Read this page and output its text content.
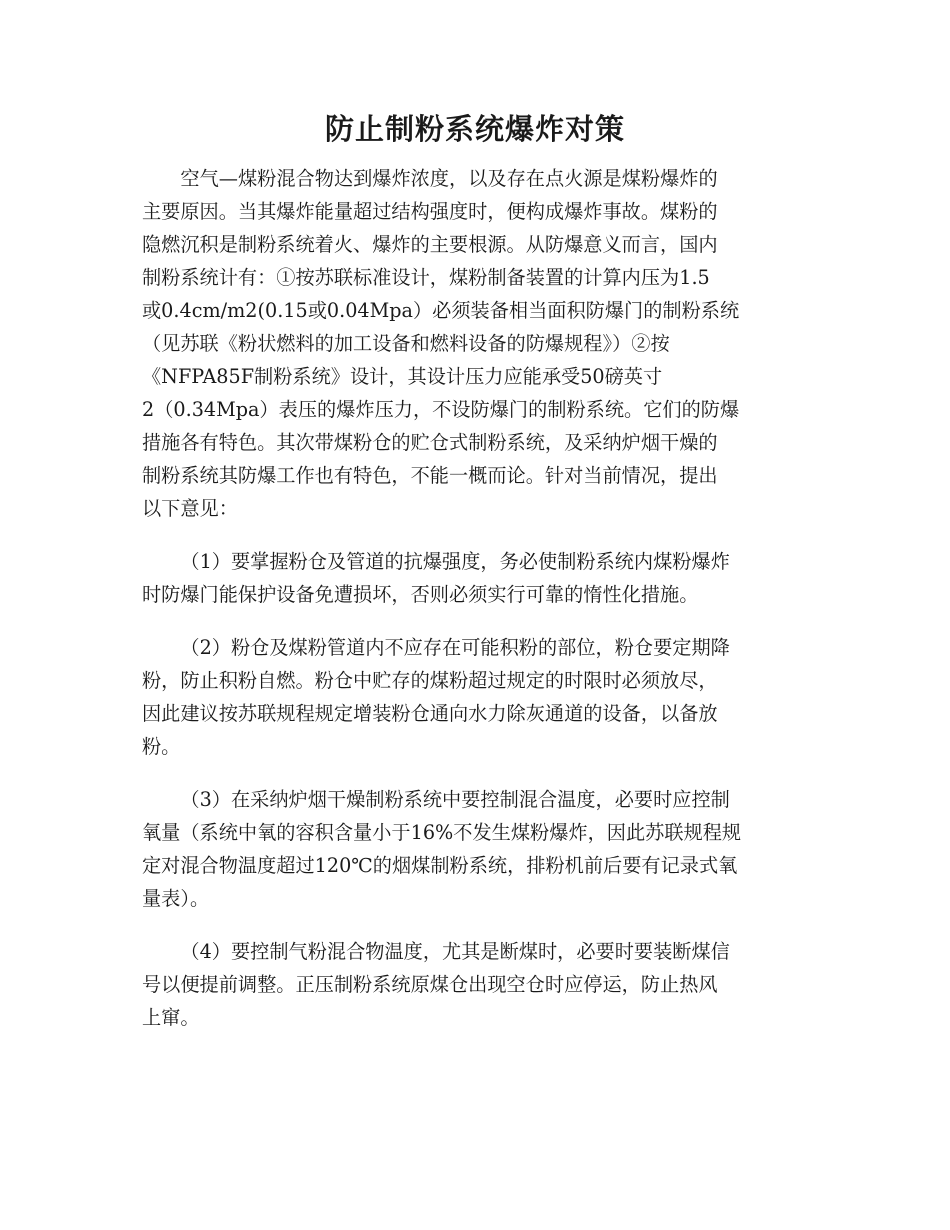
防止制粉系统爆炸对策
空气—煤粉混合物达到爆炸浓度，以及存在点火源是煤粉爆炸的
主要原因。当其爆炸能量超过结构强度时，便构成爆炸事故。煤粉的
隐燃沉积是制粉系统着火、爆炸的主要根源。从防爆意义而言，国内
制粉系统计有：①按苏联标准设计，煤粉制备装置的计算内压为1.5
或0.4cm/m2(0.15或0.04Mpa）必须装备相当面积防爆门的制粉系统
（见苏联《粉状燃料的加工设备和燃料设备的防爆规程》）②按
《NFPA85F制粉系统》设计，其设计压力应能承受50磅英寸
2（0.34Mpa）表压的爆炸压力，不设防爆门的制粉系统。它们的防爆
措施各有特色。其次带煤粉仓的贮仓式制粉系统，及采纳炉烟干燥的
制粉系统其防爆工作也有特色，不能一概而论。针对当前情况，提出
以下意见：
（1）要掌握粉仓及管道的抗爆强度，务必使制粉系统内煤粉爆炸
时防爆门能保护设备免遭损坏，否则必须实行可靠的惰性化措施。
（2）粉仓及煤粉管道内不应存在可能积粉的部位，粉仓要定期降
粉，防止积粉自燃。粉仓中贮存的煤粉超过规定的时限时必须放尽，
因此建议按苏联规程规定增装粉仓通向水力除灰通道的设备，以备放
粉。
（3）在采纳炉烟干燥制粉系统中要控制混合温度，必要时应控制
氧量（系统中氧的容积含量小于16%不发生煤粉爆炸，因此苏联规程规
定对混合物温度超过120℃的烟煤制粉系统，排粉机前后要有记录式氧
量表）。
（4）要控制气粉混合物温度，尤其是断煤时，必要时要装断煤信
号以便提前调整。正压制粉系统原煤仓出现空仓时应停运，防止热风
上窜。
